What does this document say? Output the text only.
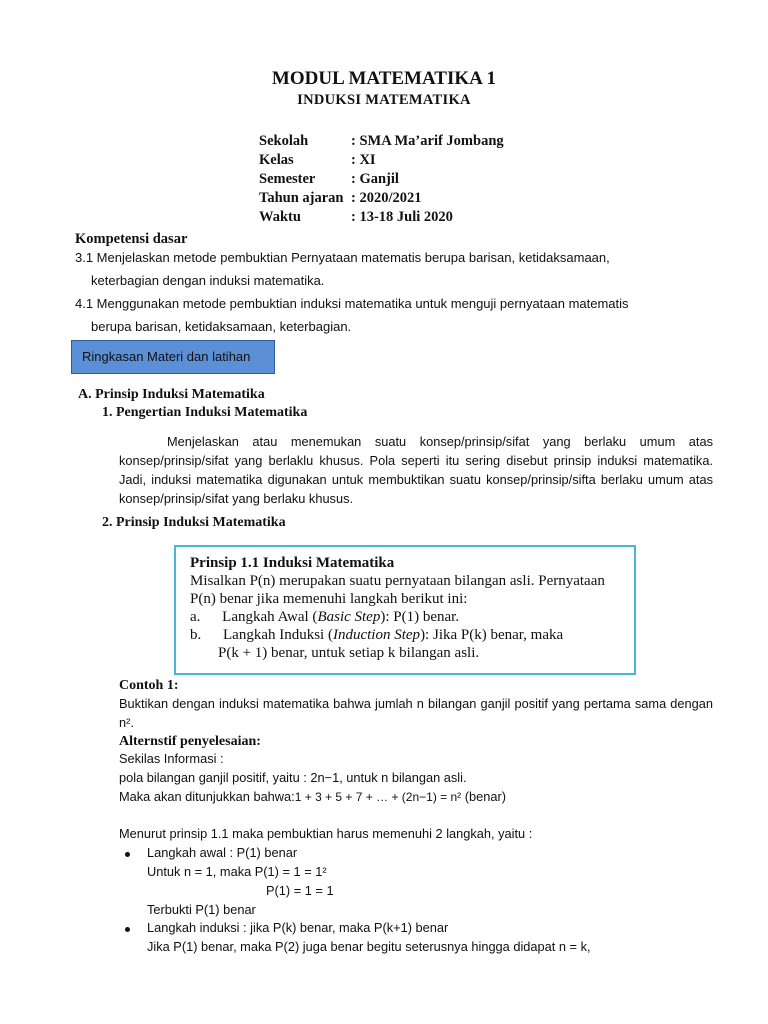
MODUL MATEMATIKA 1
INDUKSI MATEMATIKA
Sekolah	: SMA Ma’arif Jombang
Kelas	: XI
Semester : Ganjil
Tahun ajaran : 2020/2021
Waktu	: 13-18 Juli 2020
Kompetensi dasar
3.1 Menjelaskan metode pembuktian Pernyataan matematis berupa barisan, ketidaksamaan,
keterbagian dengan induksi matematika.
4.1 Menggunakan metode pembuktian induksi matematika untuk menguji pernyataan matematis
berupa barisan, ketidaksamaan, keterbagian.
Ringkasan Materi dan latihan
A. Prinsip Induksi Matematika
1. Pengertian Induksi Matematika
Menjelaskan atau menemukan suatu konsep/prinsip/sifat yang berlaku umum atas konsep/prinsip/sifat yang berlaklu khusus. Pola seperti itu sering disebut prinsip induksi matematika. Jadi, induksi matematika digunakan untuk membuktikan suatu konsep/prinsip/sifta berlaku umum atas konsep/prinsip/sifat yang berlaku khusus.
2. Prinsip Induksi Matematika
Prinsip 1.1 Induksi Matematika
Misalkan P(n) merupakan suatu pernyataan bilangan asli. Pernyataan
P(n) benar jika memenuhi langkah berikut ini:
a. Langkah Awal (Basic Step): P(1) benar.
b. Langkah Induksi (Induction Step): Jika P(k) benar, maka
P(k + 1) benar, untuk setiap k bilangan asli.
Contoh 1:
Buktikan dengan induksi matematika bahwa jumlah n bilangan ganjil positif yang pertama sama dengan n².
Alternstif penyelesaian:
Sekilas Informasi :
pola bilangan ganjil positif, yaitu : 2n−1, untuk n bilangan asli.
Maka akan ditunjukkan bahwa:1 + 3 + 5 + 7 + … + (2n−1) = n² (benar)
Menurut prinsip 1.1 maka pembuktian harus memenuhi 2 langkah, yaitu :
Langkah awal : P(1) benar
Untuk n = 1, maka P(1) = 1 = 1²
P(1) = 1 = 1
Terbukti P(1) benar
Langkah induksi : jika P(k) benar, maka P(k+1) benar
Jika P(1) benar, maka P(2) juga benar begitu seterusnya hingga didapat n = k,
